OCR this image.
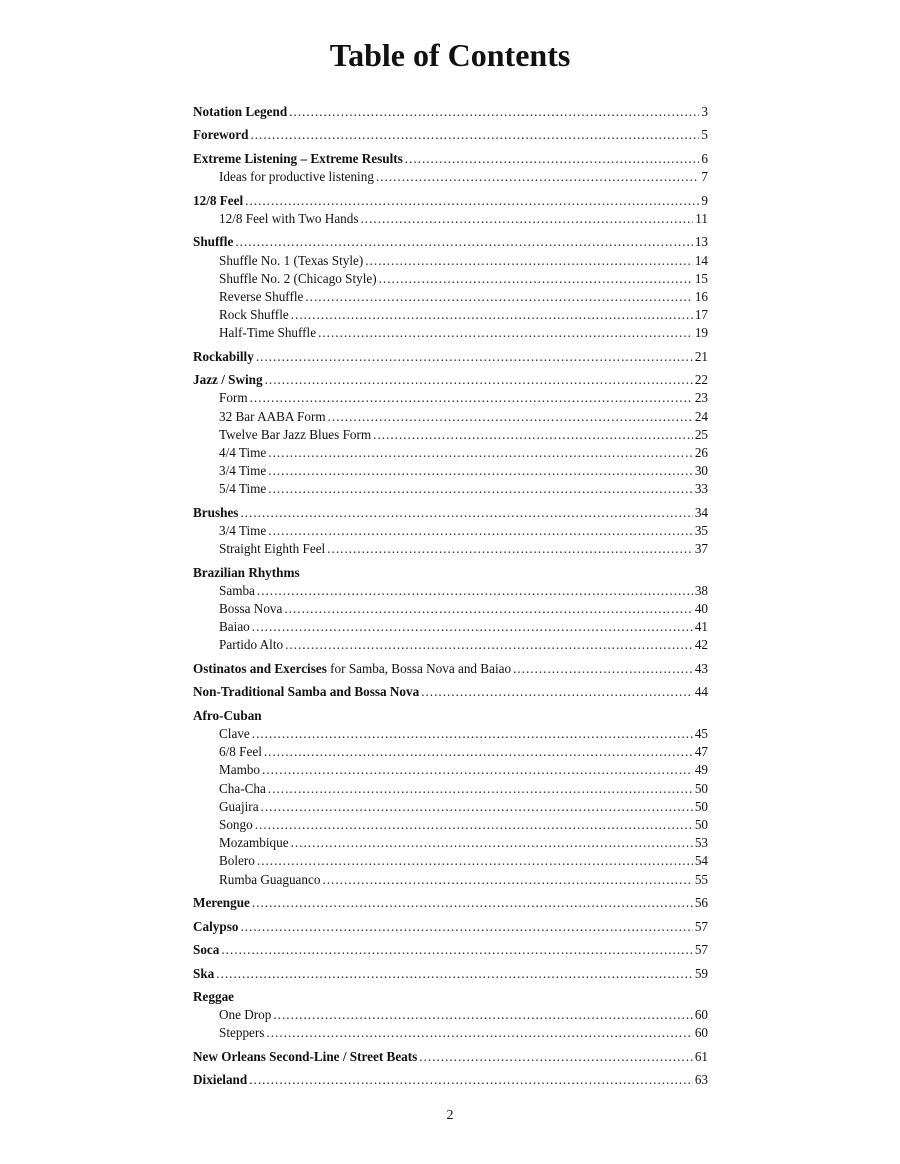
Table of Contents
Notation Legend .....	3
Foreword .....	5
Extreme Listening – Extreme Results .....	6
Ideas for productive listening .....	7
12/8 Feel .....	9
12/8 Feel with Two Hands .....	11
Shuffle .....	13
Shuffle No. 1 (Texas Style) .....	14
Shuffle No. 2 (Chicago Style) .....	15
Reverse Shuffle .....	16
Rock Shuffle .....	17
Half-Time Shuffle .....	19
Rockabilly .....	21
Jazz / Swing .....	22
Form .....	23
32 Bar AABA Form .....	24
Twelve Bar Jazz Blues Form .....	25
4/4 Time .....	26
3/4 Time .....	30
5/4 Time .....	33
Brushes .....	34
3/4 Time .....	35
Straight Eighth Feel .....	37
Brazilian Rhythms
Samba .....	38
Bossa Nova .....	40
Baiao .....	41
Partido Alto .....	42
Ostinatos and Exercises for Samba, Bossa Nova and Baiao .....	43
Non-Traditional Samba and Bossa Nova .....	44
Afro-Cuban
Clave .....	45
6/8 Feel .....	47
Mambo .....	49
Cha-Cha .....	50
Guajira .....	50
Songo .....	50
Mozambique .....	53
Bolero .....	54
Rumba Guaguanco .....	55
Merengue .....	56
Calypso .....	57
Soca .....	57
Ska .....	59
Reggae
One Drop .....	60
Steppers .....	60
New Orleans Second-Line / Street Beats .....	61
Dixieland .....	63
2
